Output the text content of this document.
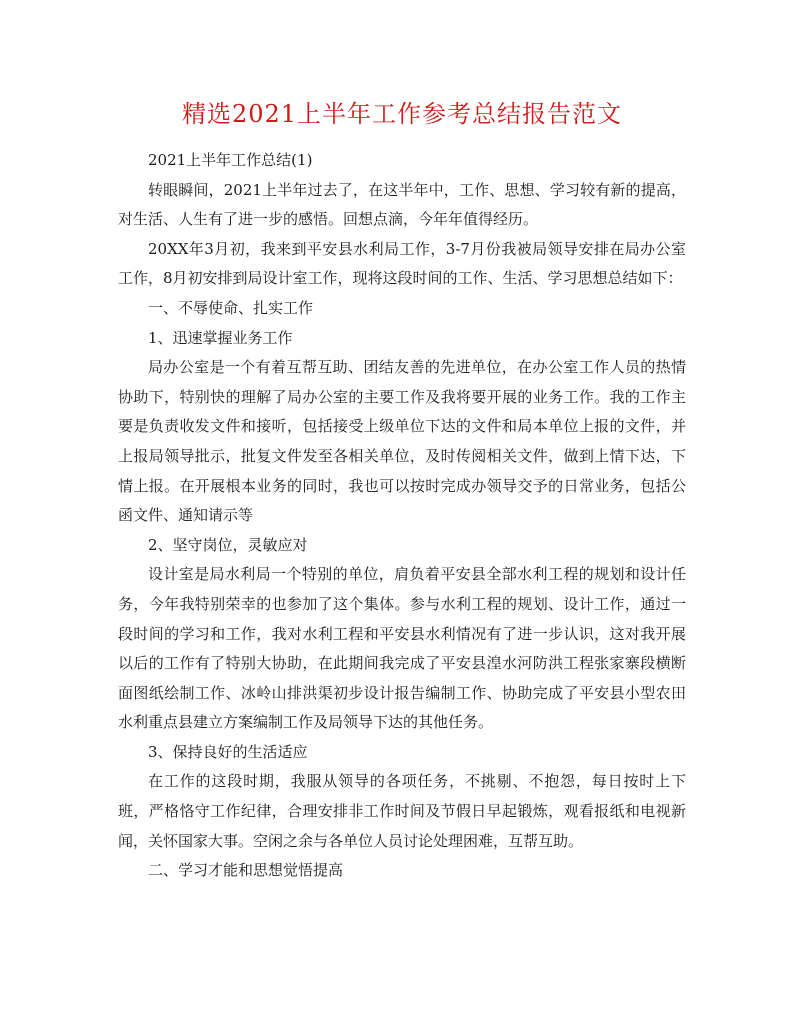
精选2021上半年工作参考总结报告范文

2021上半年工作总结(1)

转眼瞬间，2021上半年过去了，在这半年中，工作、思想、学习较有新的提高，对生活、人生有了进一步的感悟。回想点滴，今年年值得经历。

20XX年3月初，我来到平安县水利局工作，3-7月份我被局领导安排在局办公室工作，8月初安排到局设计室工作，现将这段时间的工作、生活、学习思想总结如下：

一、不辱使命、扎实工作

1、迅速掌握业务工作

局办公室是一个有着互帮互助、团结友善的先进单位，在办公室工作人员的热情协助下，特别快的理解了局办公室的主要工作及我将要开展的业务工作。我的工作主要是负责收发文件和接听，包括接受上级单位下达的文件和局本单位上报的文件，并上报局领导批示，批复文件发至各相关单位，及时传阅相关文件，做到上情下达，下情上报。在开展根本业务的同时，我也可以按时完成办领导交予的日常业务，包括公函文件、通知请示等

2、坚守岗位，灵敏应对

设计室是局水利局一个特别的单位，肩负着平安县全部水利工程的规划和设计任务，今年我特别荣幸的也参加了这个集体。参与水利工程的规划、设计工作，通过一段时间的学习和工作，我对水利工程和平安县水利情况有了进一步认识，这对我开展以后的工作有了特别大协助，在此期间我完成了平安县湟水河防洪工程张家寨段横断面图纸绘制工作、冰岭山排洪渠初步设计报告编制工作、协助完成了平安县小型农田水利重点县建立方案编制工作及局领导下达的其他任务。

3、保持良好的生活适应

在工作的这段时期，我服从领导的各项任务，不挑剔、不抱怨，每日按时上下班，严格恪守工作纪律，合理安排非工作时间及节假日早起锻炼，观看报纸和电视新闻，关怀国家大事。空闲之余与各单位人员讨论处理困难，互帮互助。

二、学习才能和思想觉悟提高
